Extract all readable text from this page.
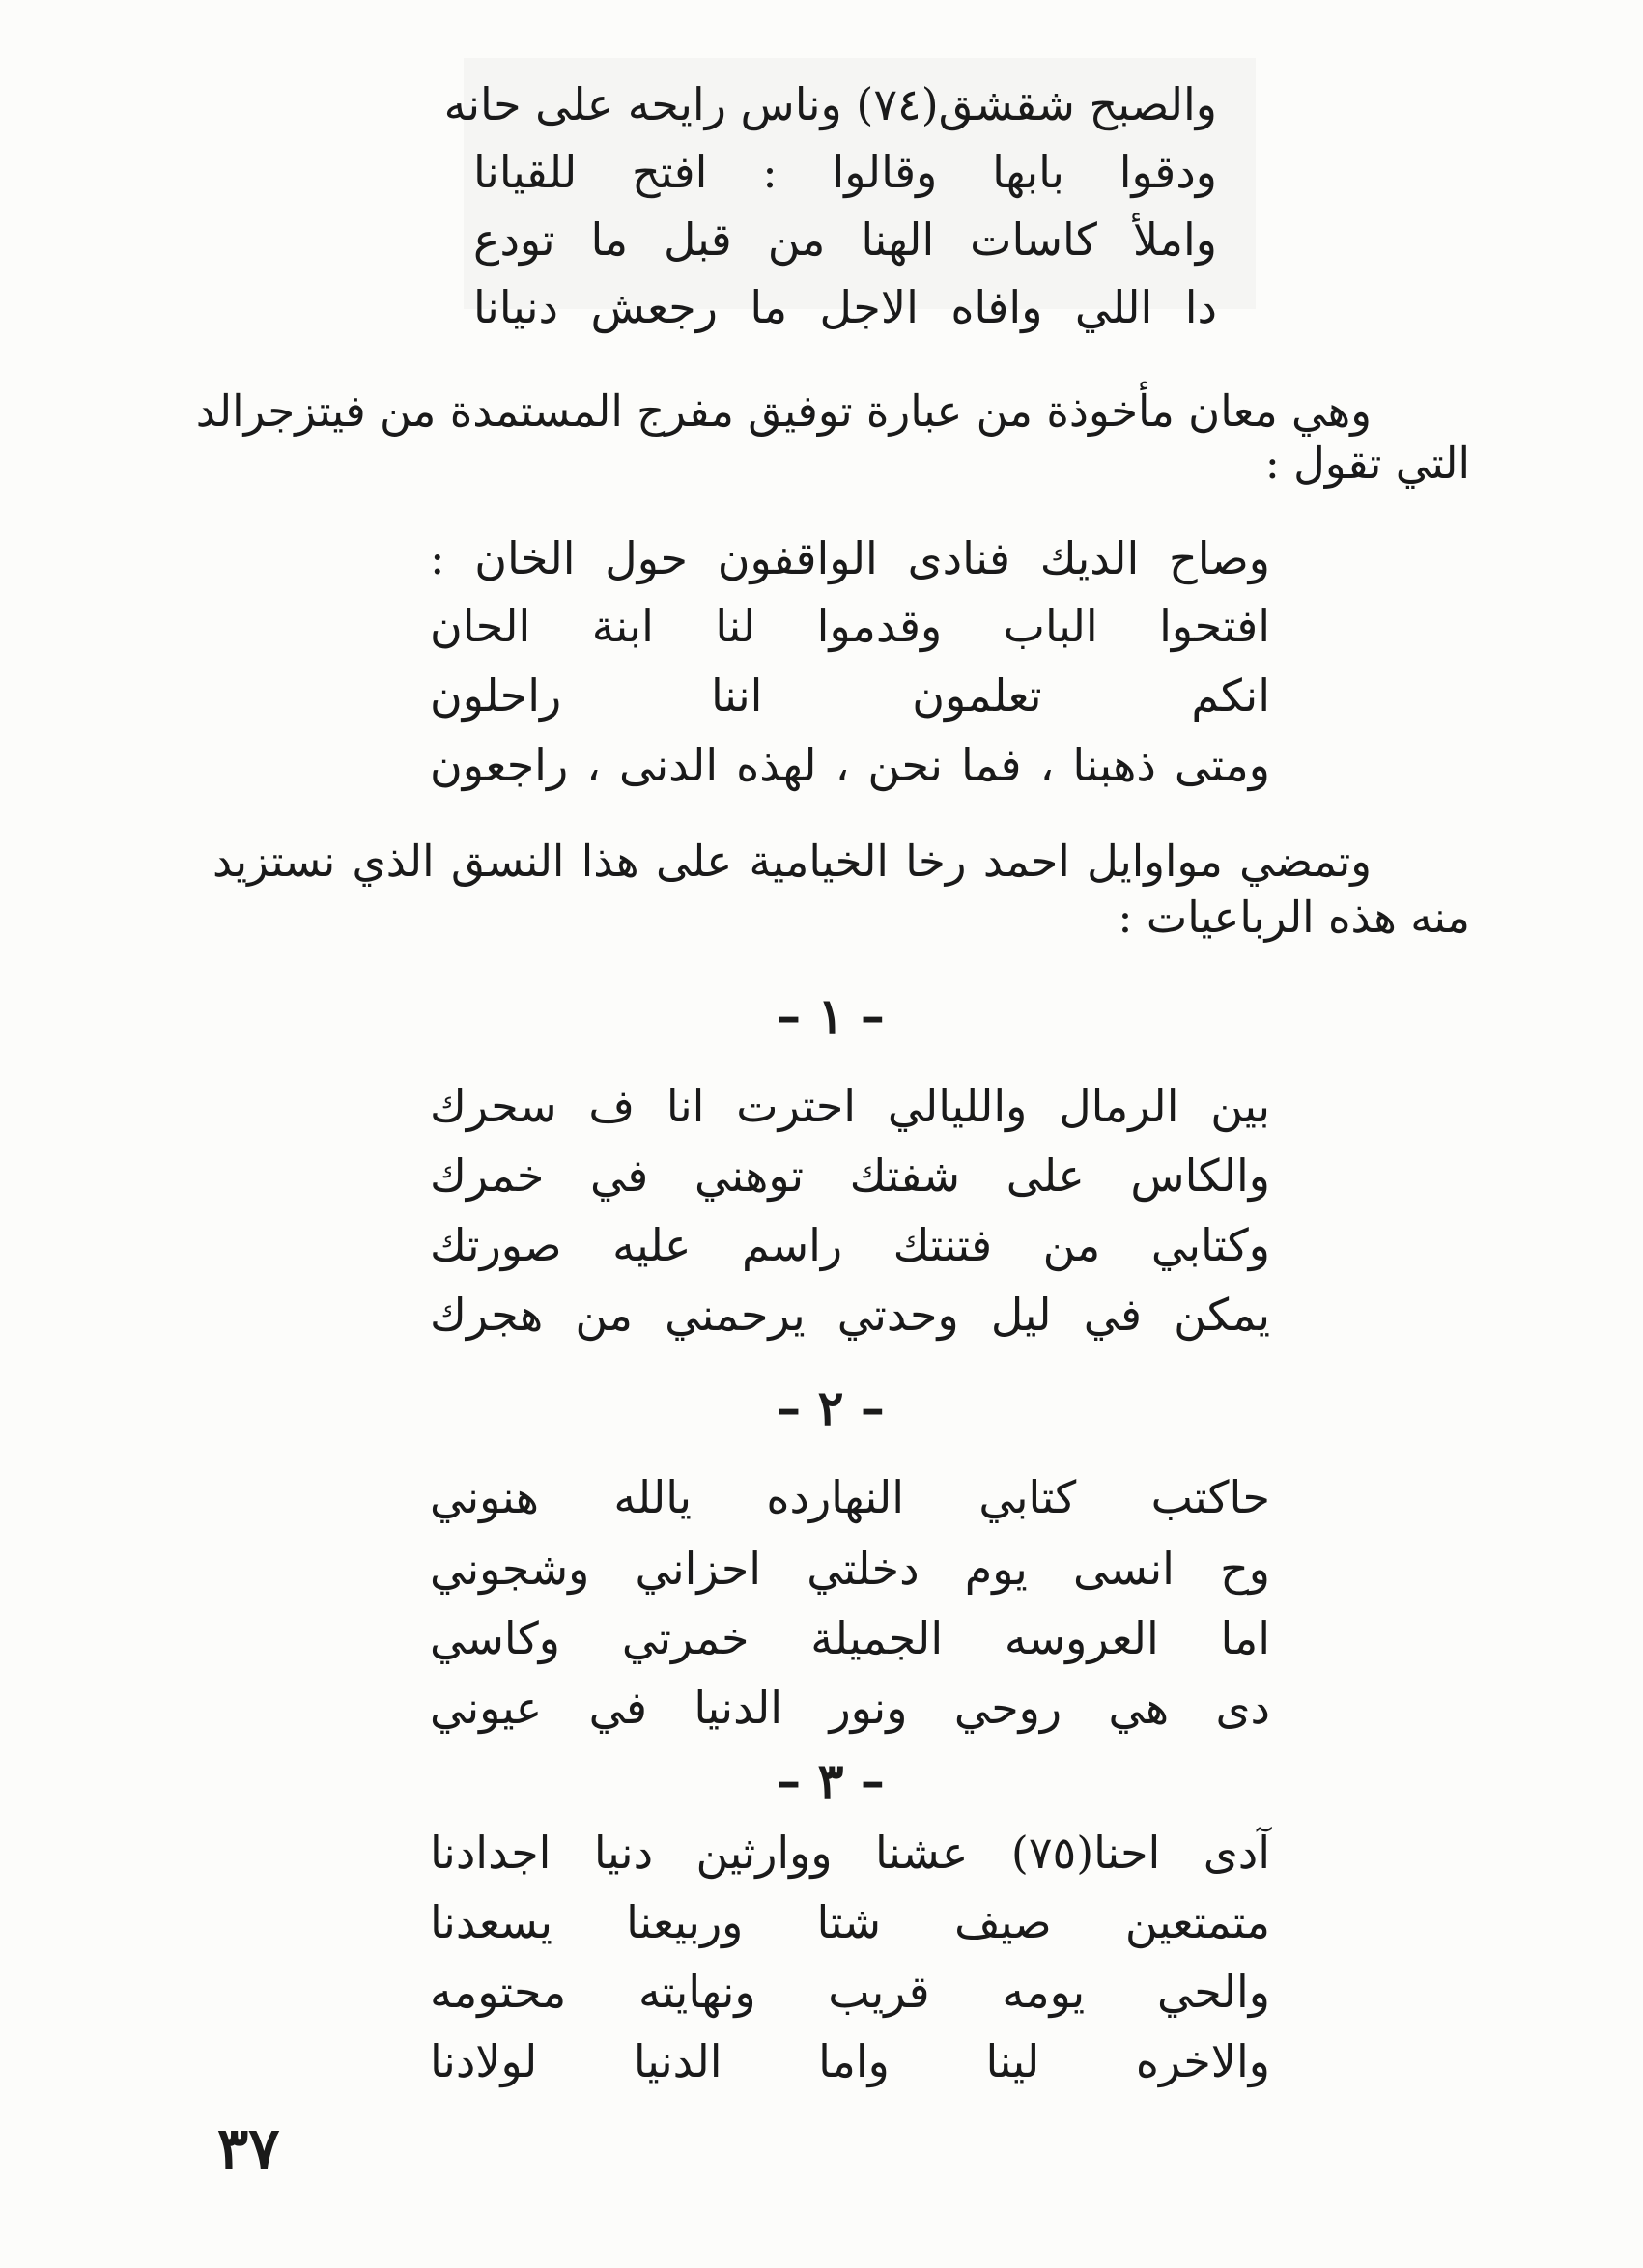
والصبح شقشق(٧٤) وناس رايحه على حانه
ودقوا بابها وقالوا : افتح للقيانا
واملأ كاسات الهنا من قبل ما تودع
دا اللي وافاه الاجل ما رجعش دنيانا
وهي معان مأخوذة من عبارة توفيق مفرج المستمدة من فيتزجرالد
التي تقول :
وصاح الديك فنادى الواقفون حول الخان :
افتحوا الباب وقدموا لنا ابنة الحان
انكم تعلمون اننا راحلون
ومتى ذهبنا ، فما نحن ، لهذه الدنى ، راجعون
وتمضي مواوايل احمد رخا الخيامية على هذا النسق الذي نستزيد
منه هذه الرباعيات :
– ١ –
بين الرمال والليالي احترت انا ف سحرك
والكاس على شفتك توهني في خمرك
وكتابي من فتنتك راسم عليه صورتك
يمكن في ليل وحدتي يرحمني من هجرك
– ٢ –
حاكتب كتابي النهارده يالله هنوني
وح انسى يوم دخلتي احزاني وشجوني
اما العروسه الجميلة خمرتي وكاسي
دى هي روحي ونور الدنيا في عيوني
– ٣ –
آدى احنا(٧٥) عشنا ووارثين دنيا اجدادنا
متمتعين صيف شتا وربيعنا يسعدنا
والحي يومه قريب ونهايته محتومه
والاخره لينا واما الدنيا لولادنا
٣٧
